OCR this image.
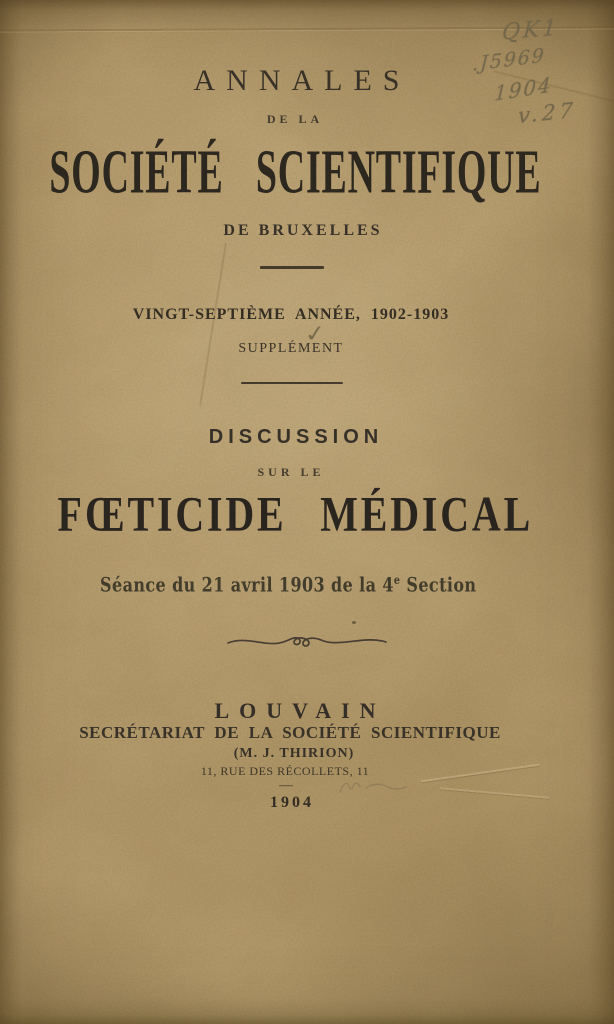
QK1
.J5969
1904
v.27
ANNALES
DE LA
SOCIÉTÉ SCIENTIFIQUE
DE BRUXELLES
VINGT-SEPTIÈME ANNÉE, 1902-1903
✓
SUPPLÉMENT
DISCUSSION
SUR LE
FŒTICIDE MÉDICAL
Séance du 21 avril 1903 de la 4e Section
LOUVAIN
SECRÉTARIAT DE LA SOCIÉTÉ SCIENTIFIQUE
(M. J. THIRION)
11, RUE DES RÉCOLLETS, 11
—
1904
